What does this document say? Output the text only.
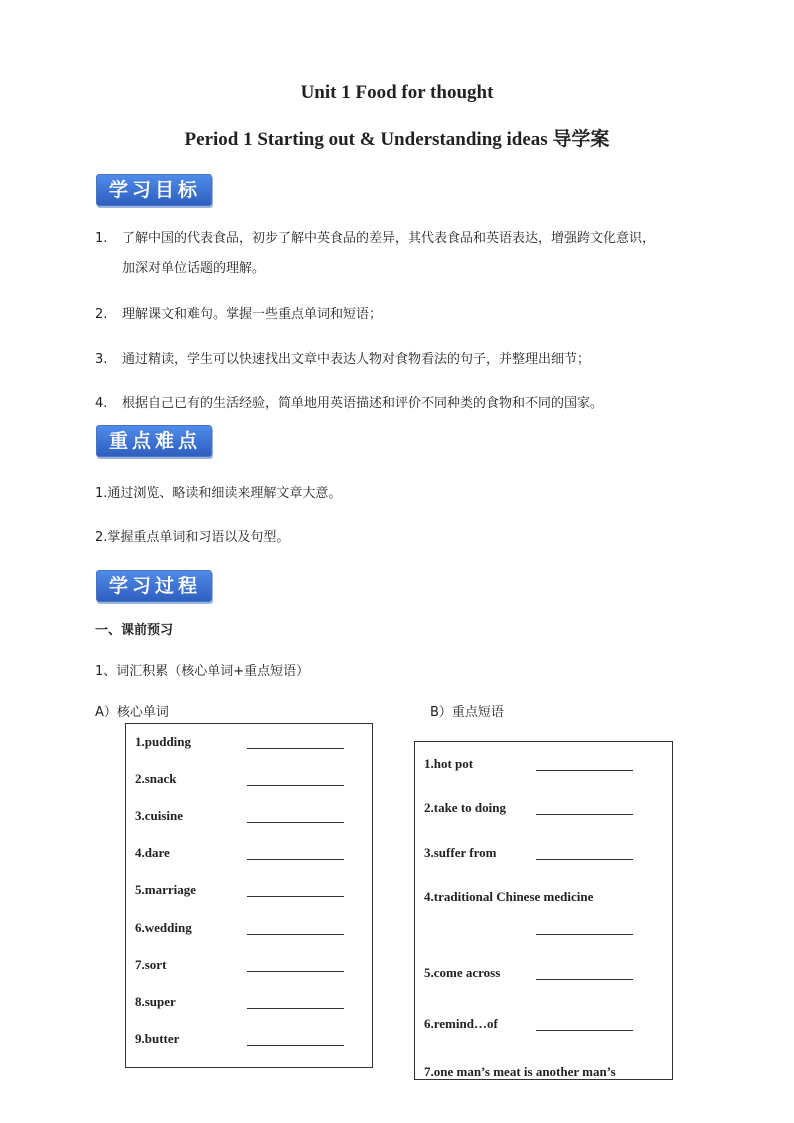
Unit 1 Food for thought
Period 1 Starting out & Understanding ideas 导学案
学习目标
1. 了解中国的代表食品，初步了解中英食品的差异，其代表食品和英语表达，增强跨文化意识，
加深对单位话题的理解。
2. 理解课文和难句。掌握一些重点单词和短语；
3. 通过精读，学生可以快速找出文章中表达人物对食物看法的句子，并整理出细节；
4. 根据自己已有的生活经验，简单地用英语描述和评价不同种类的食物和不同的国家。
重点难点
1.通过浏览、略读和细读来理解文章大意。
2.掌握重点单词和习语以及句型。
学习过程
一、课前预习
1、词汇积累（核心单词+重点短语）
A）核心单词	B）重点短语
1.pudding
2.snack
3.cuisine
4.dare
5.marriage
6.wedding
7.sort
8.super
9.butter
1.hot pot
2.take to doing
3.suffer from
4.traditional Chinese medicine
5.come across
6.remind…of
7.one man’s meat is another man’s
